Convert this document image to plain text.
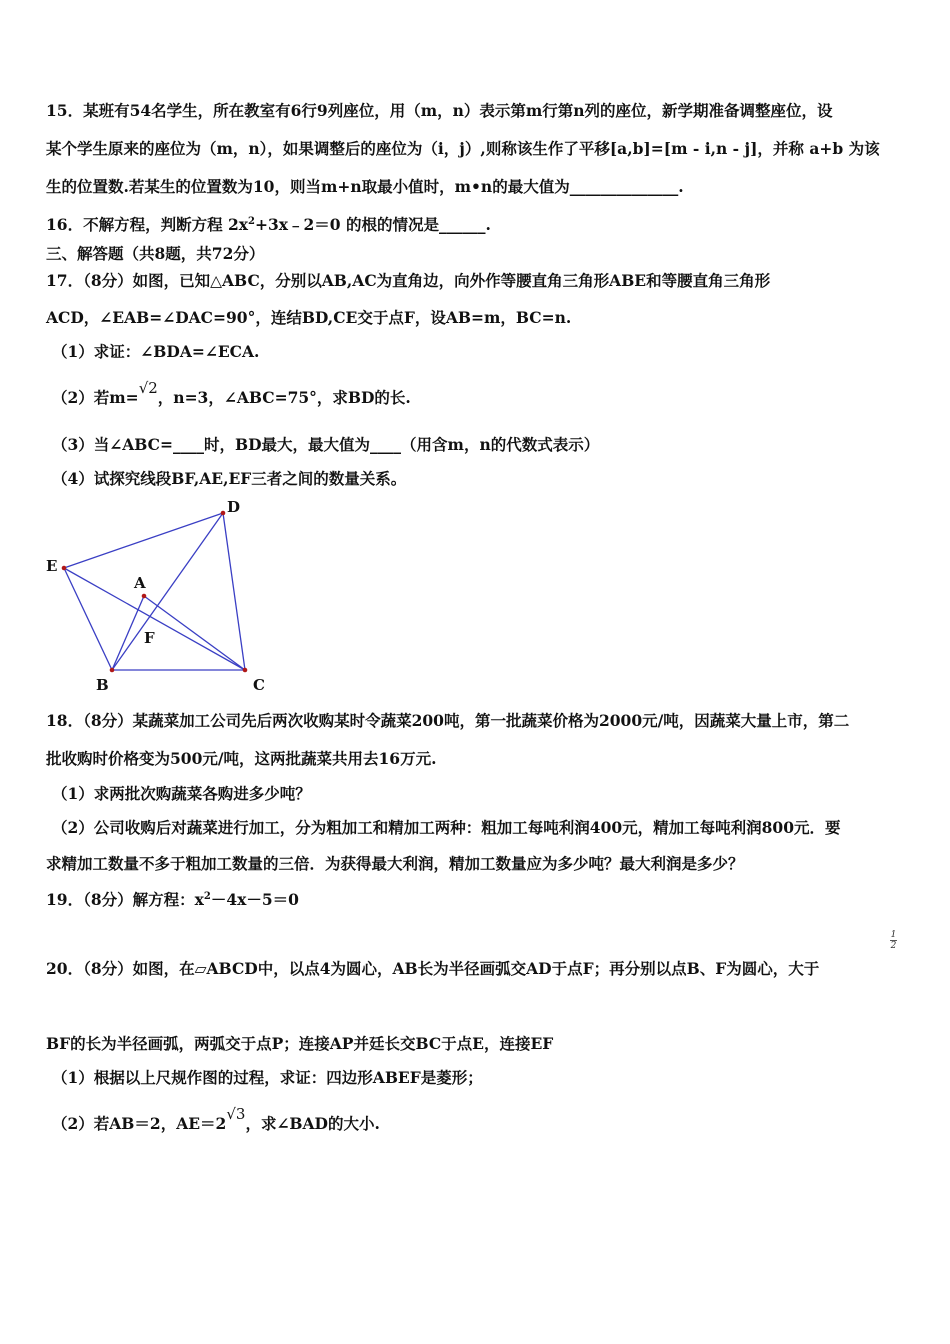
15．某班有54名学生，所在教室有6行9列座位，用（m，n）表示第m行第n列的座位，新学期准备调整座位，设
某个学生原来的座位为（m，n），如果调整后的座位为（i，j）,则称该生作了平移[a,b]=[m - i,n - j]，并称 a+b 为该
生的位置数.若某生的位置数为10，则当m+n取最小值时，m•n的最大值为______________.
16．不解方程，判断方程 $2x^2+3x﹣2=0$ 的根的情况是______.
三、解答题（共8题，共72分）
17．（8分）如图，已知△ABC，分别以AB,AC为直角边，向外作等腰直角三角形ABE和等腰直角三角形
ACD，∠EAB=∠DAC=90°，连结BD,CE交于点F，设AB=m，BC=n.
（1）求证：∠BDA=∠ECA.
（2）若m=√2，n=3，∠ABC=75°，求BD的长.
（3）当∠ABC=____时，BD最大，最大值为____（用含m，n的代数式表示）
（4）试探究线段BF,AE,EF三者之间的数量关系。
D
E
A
F
B	C
18．（8分）某蔬菜加工公司先后两次收购某时令蔬菜200吨，第一批蔬菜价格为2000元/吨，因蔬菜大量上市，第二
批收购时价格变为500元/吨，这两批蔬菜共用去16万元.
（1）求两批次购蔬菜各购进多少吨？
（2）公司收购后对蔬菜进行加工，分为粗加工和精加工两种：粗加工每吨利润400元，精加工每吨利润800元．要
求精加工数量不多于粗加工数量的三倍．为获得最大利润，精加工数量应为多少吨？最大利润是多少？
19．（8分）解方程：$x^2-4x-5=0$
1
2
20．（8分）如图，在▱ABCD中，以点4为圆心，AB长为半径画弧交AD于点F；再分别以点B、F为圆心，大于
BF的长为半径画弧，两弧交于点P；连接AP并廷长交BC于点E，连接EF
（1）根据以上尺规作图的过程，求证：四边形ABEF是菱形；
（2）若AB＝2，AE＝2√3，求∠BAD的大小.
